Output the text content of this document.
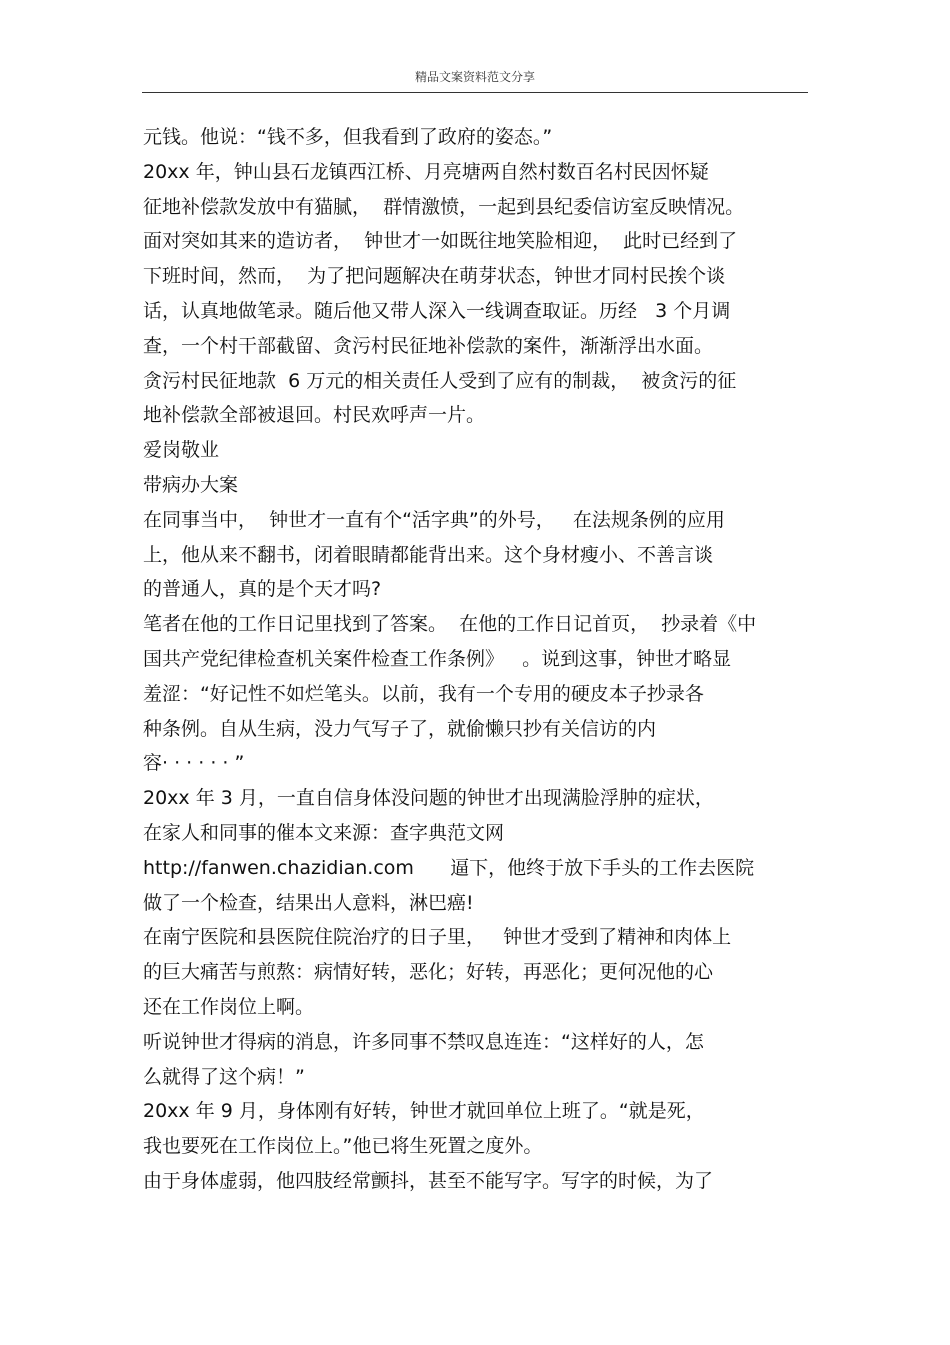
精品文案资料范文分享
元钱。他说：“钱不多，但我看到了政府的姿态。”
20xx 年，钟山县石龙镇西江桥、月亮塘两自然村数百名村民因怀疑
征地补偿款发放中有猫腻，  群情激愤，一起到县纪委信访室反映情况。
面对突如其来的造访者，  钟世才一如既往地笑脸相迎，  此时已经到了
下班时间，然而，  为了把问题解决在萌芽状态，钟世才同村民挨个谈
话，认真地做笔录。随后他又带人深入一线调查取证。历经   3 个月调
查，一个村干部截留、贪污村民征地补偿款的案件，渐渐浮出水面。
贪污村民征地款  6 万元的相关责任人受到了应有的制裁，  被贪污的征
地补偿款全部被退回。村民欢呼声一片。
爱岗敬业
带病办大案
在同事当中，  钟世才一直有个“活字典”的外号，   在法规条例的应用
上，他从来不翻书，闭着眼睛都能背出来。这个身材瘦小、不善言谈
的普通人，真的是个天才吗?
笔者在他的工作日记里找到了答案。  在他的工作日记首页，  抄录着《中
国共产党纪律检查机关案件检查工作条例》   。说到这事，钟世才略显
羞涩：“好记性不如烂笔头。以前，我有一个专用的硬皮本子抄录各
种条例。自从生病，没力气写子了，就偷懒只抄有关信访的内
容· · · · · · ”
20xx 年 3 月，一直自信身体没问题的钟世才出现满脸浮肿的症状，
在家人和同事的催本文来源：查字典范文网
http://fanwen.chazidian.com      逼下，他终于放下手头的工作去医院
做了一个检查，结果出人意料，淋巴癌!
在南宁医院和县医院住院治疗的日子里，   钟世才受到了精神和肉体上
的巨大痛苦与煎熬：病情好转，恶化；好转，再恶化；更何况他的心
还在工作岗位上啊。
听说钟世才得病的消息，许多同事不禁叹息连连：“这样好的人，怎
么就得了这个病！”
20xx 年 9 月，身体刚有好转，钟世才就回单位上班了。“就是死，
我也要死在工作岗位上。”他已将生死置之度外。
由于身体虚弱，他四肢经常颤抖，甚至不能写字。写字的时候，为了
